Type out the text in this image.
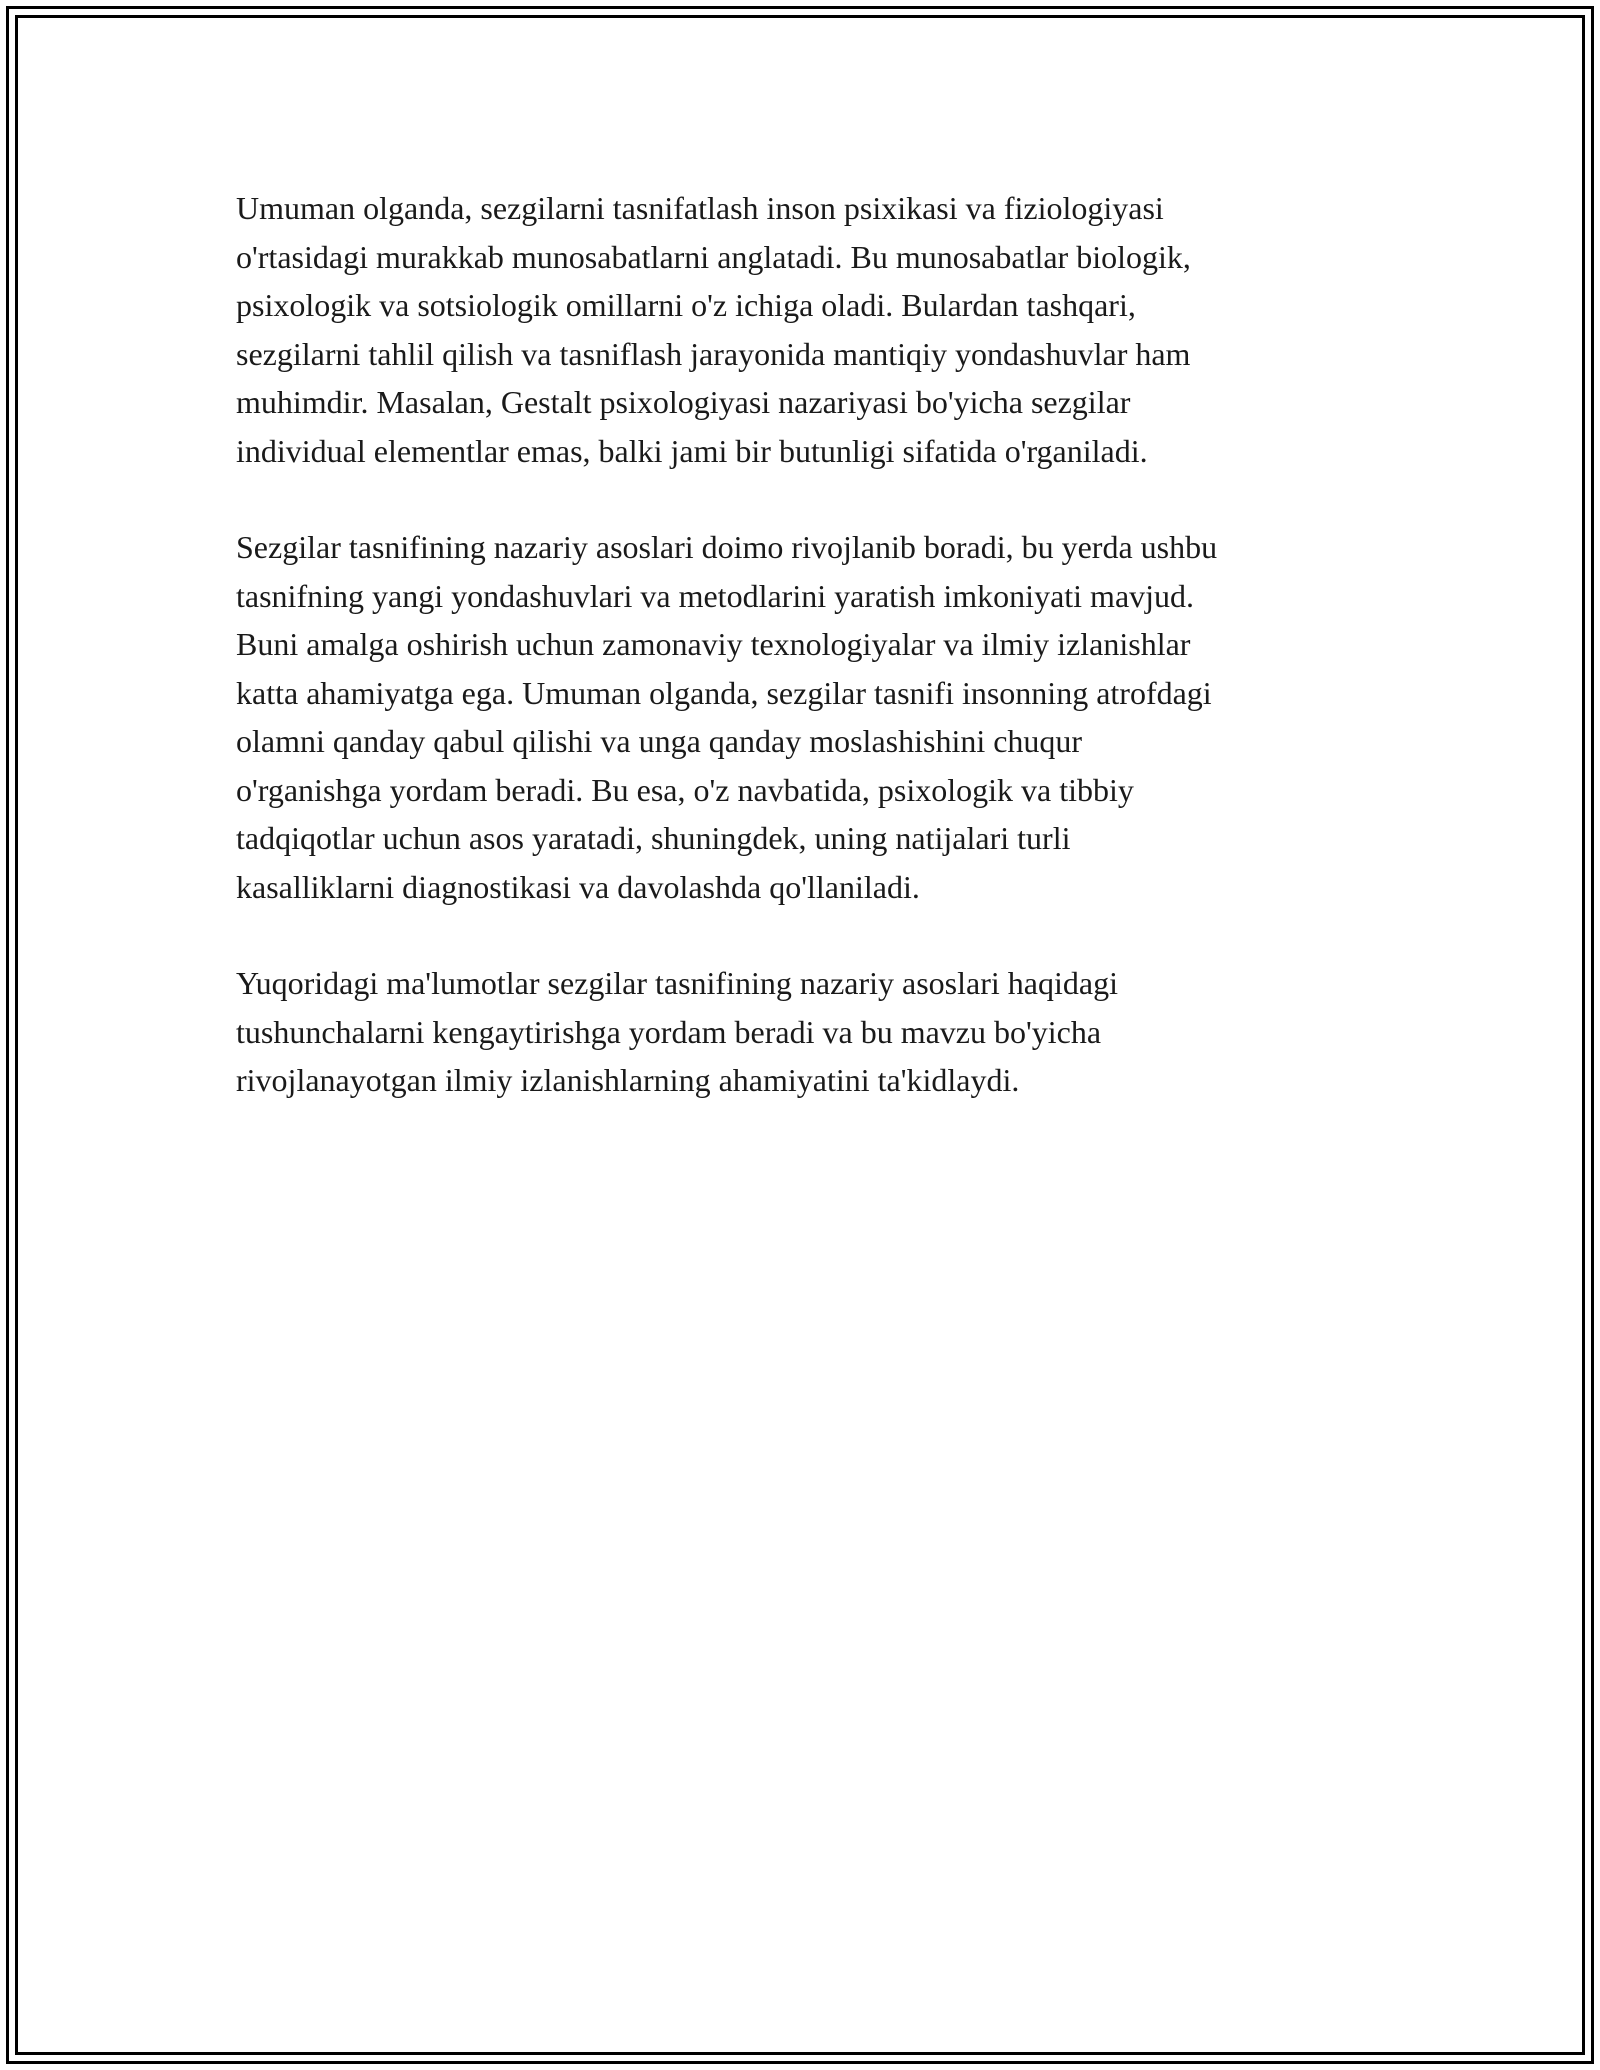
Umuman olganda, sezgilarni tasnifatlash inson psixikasi va fiziologiyasi
o'rtasidagi murakkab munosabatlarni anglatadi. Bu munosabatlar biologik,
psixologik va sotsiologik omillarni o'z ichiga oladi. Bulardan tashqari,
sezgilarni tahlil qilish va tasniflash jarayonida mantiqiy yondashuvlar ham
muhimdir. Masalan, Gestalt psixologiyasi nazariyasi bo'yicha sezgilar
individual elementlar emas, balki jami bir butunligi sifatida o'rganiladi.

Sezgilar tasnifining nazariy asoslari doimo rivojlanib boradi, bu yerda ushbu
tasnifning yangi yondashuvlari va metodlarini yaratish imkoniyati mavjud.
Buni amalga oshirish uchun zamonaviy texnologiyalar va ilmiy izlanishlar
katta ahamiyatga ega. Umuman olganda, sezgilar tasnifi insonning atrofdagi
olamni qanday qabul qilishi va unga qanday moslashishini chuqur
o'rganishga yordam beradi. Bu esa, o'z navbatida, psixologik va tibbiy
tadqiqotlar uchun asos yaratadi, shuningdek, uning natijalari turli
kasalliklarni diagnostikasi va davolashda qo'llaniladi.

Yuqoridagi ma'lumotlar sezgilar tasnifining nazariy asoslari haqidagi
tushunchalarni kengaytirishga yordam beradi va bu mavzu bo'yicha
rivojlanayotgan ilmiy izlanishlarning ahamiyatini ta'kidlaydi.
